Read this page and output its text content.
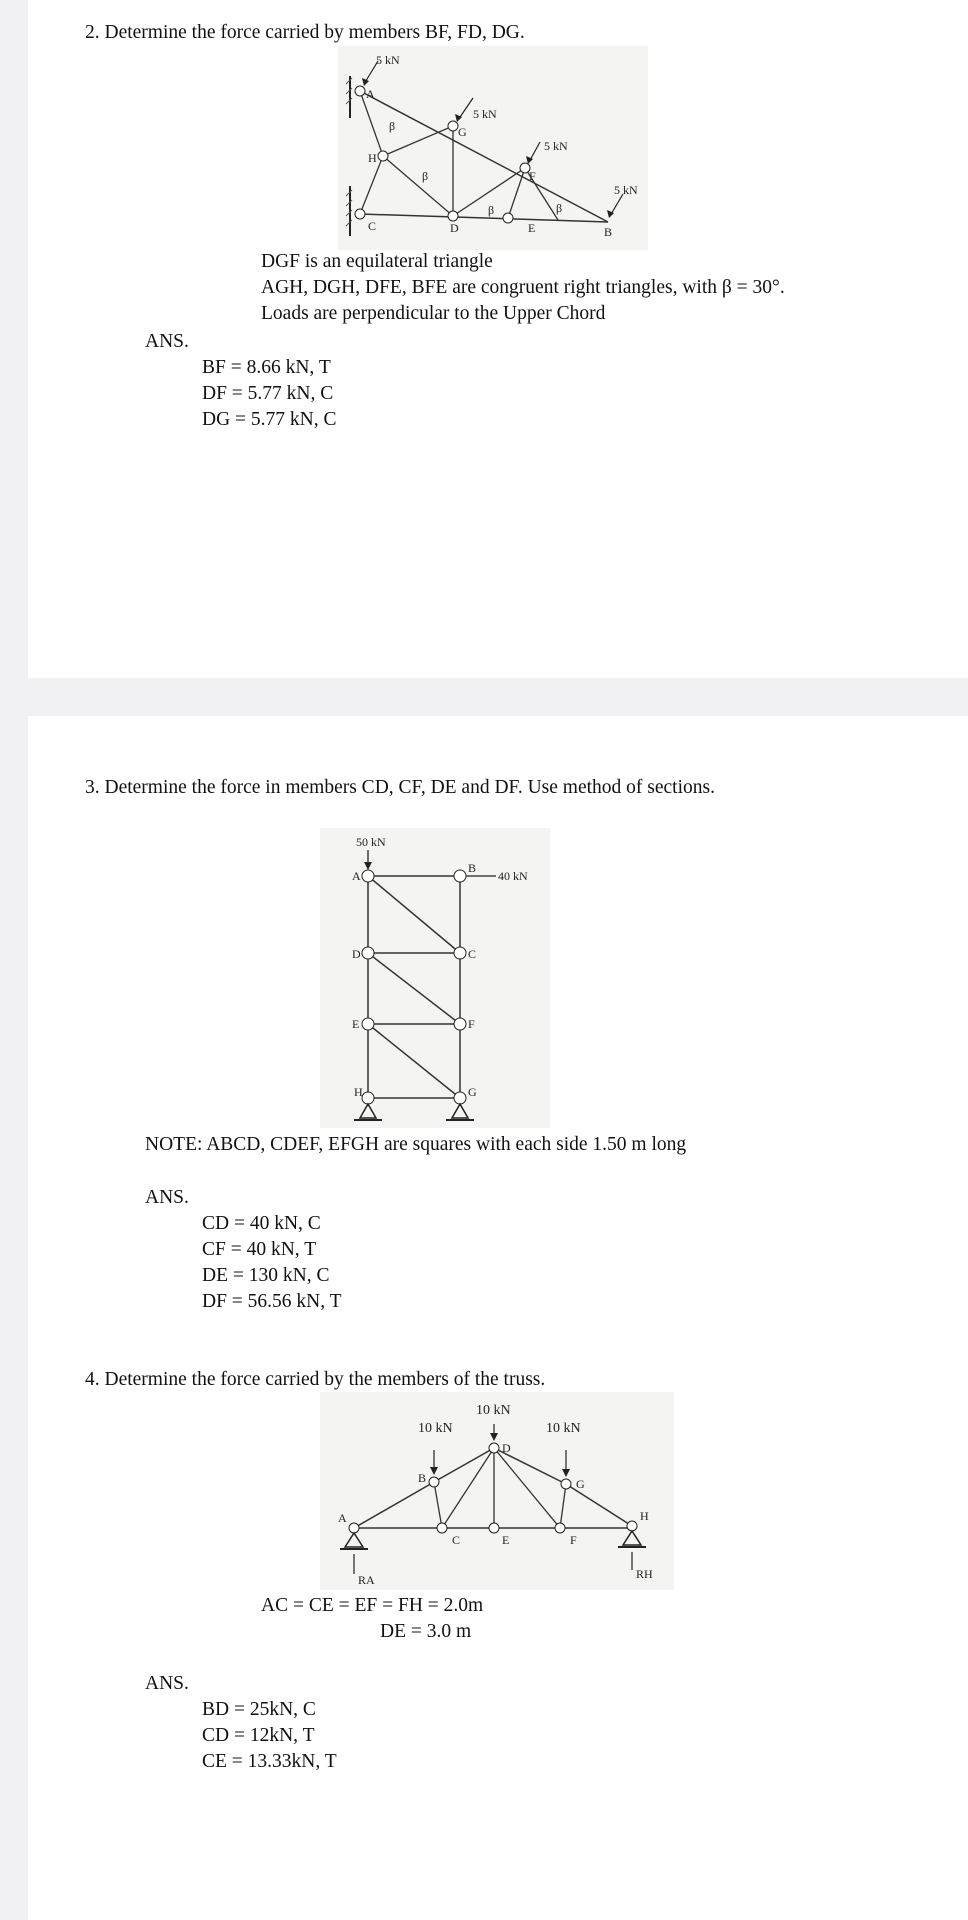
2. Determine the force carried by members BF, FD, DG.
5 kN
5 kN
5 kN
5 kN
A
G
H
F
C	D	E	B
β
β
β	β
DGF is an equilateral triangle
AGH, DGH, DFE, BFE are congruent right triangles, with β = 30°.
Loads are perpendicular to the Upper Chord
ANS.
BF = 8.66 kN, T
DF = 5.77 kN, C
DG = 5.77 kN, C
3. Determine the force in members CD, CF, DE and DF. Use method of sections.
50 kN
40 kN
A
B
C
D
E	F
G
H
NOTE: ABCD, CDEF, EFGH are squares with each side 1.50 m long
ANS.
CD = 40 kN, C
CF = 40 kN, T
DE = 130 kN, C
DF = 56.56 kN, T
4. Determine the force carried by the members of the truss.
10 kN
10 kN	10 kN
A
B
C
D
E	F
G
H
RA	RH
AC = CE = EF = FH = 2.0m
DE = 3.0 m
ANS.
BD = 25kN, C
CD = 12kN, T
CE = 13.33kN, T
